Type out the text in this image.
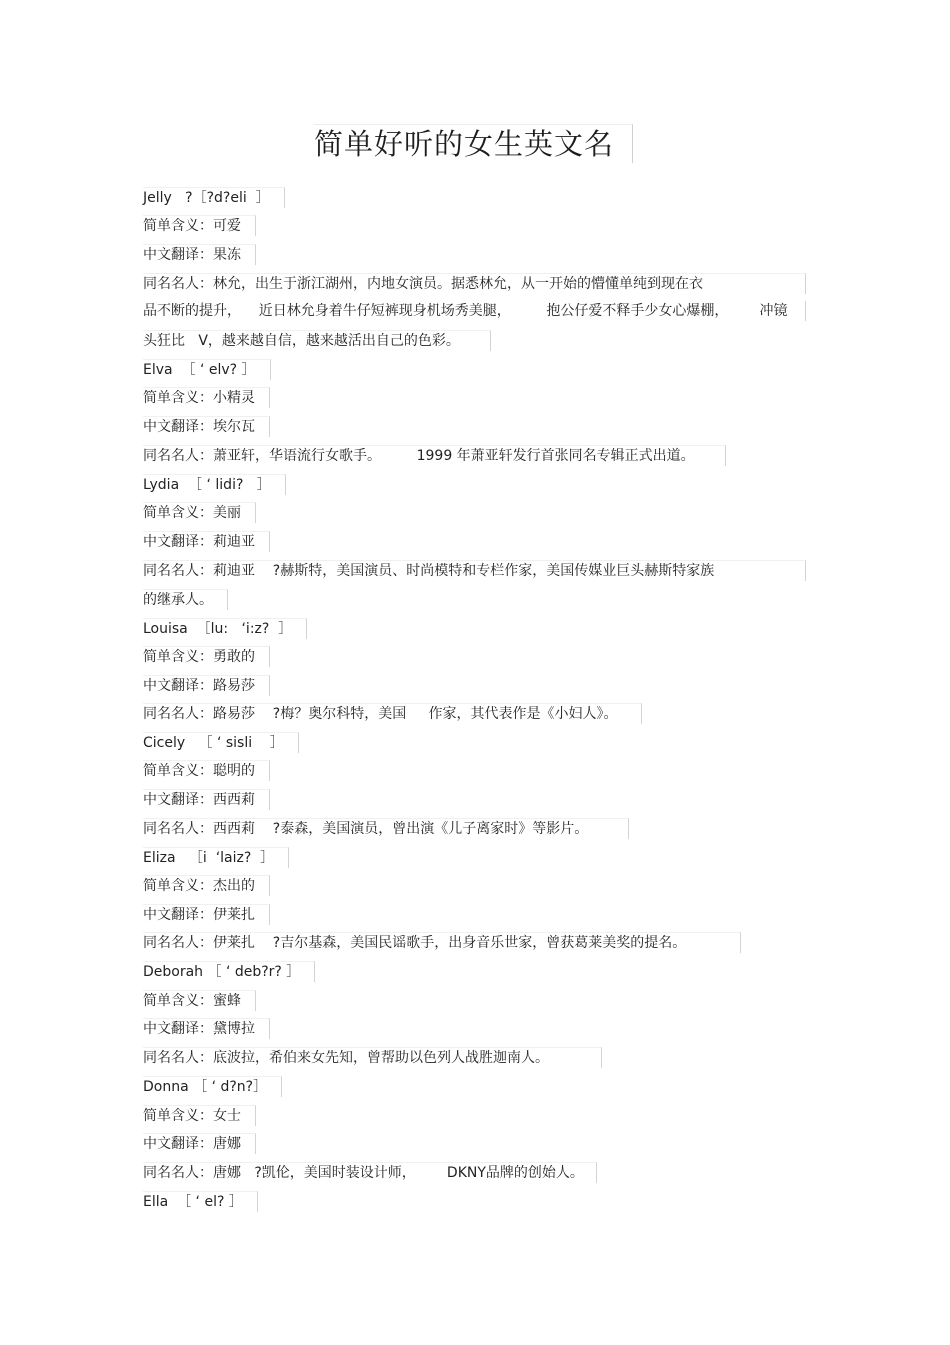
简单好听的女生英文名
Jelly   ?［?d?eli  ］
简单含义：可爱
中文翻译：果冻
同名名人：林允，出生于浙江湖州，内地女演员。据悉林允，从一开始的懵懂单纯到现在衣
品不断的提升，    近日林允身着牛仔短裤现身机场秀美腿，        抱公仔爱不释手少女心爆棚，       冲镜
头狂比   V，越来越自信，越来越活出自己的色彩。
Elva  ［ ‘ elv? ］
简单含义：小精灵
中文翻译：埃尔瓦
同名名人：萧亚轩，华语流行女歌手。        1999 年萧亚轩发行首张同名专辑正式出道。
Lydia  ［ ‘ lidi?   ］
简单含义：美丽
中文翻译：莉迪亚
同名名人：莉迪亚    ?赫斯特，美国演员、时尚模特和专栏作家，美国传媒业巨头赫斯特家族
的继承人。
Louisa  ［lu:   ‘i:z?  ］
简单含义：勇敢的
中文翻译：路易莎
同名名人：路易莎    ?梅？奥尔科特，美国     作家，其代表作是《小妇人》。
Cicely   ［ ‘ sisli    ］
简单含义：聪明的
中文翻译：西西莉
同名名人：西西莉    ?泰森，美国演员，曾出演《儿子离家时》等影片。
Eliza   ［i  ‘laiz?  ］
简单含义：杰出的
中文翻译：伊莱扎
同名名人：伊莱扎    ?吉尔基森，美国民谣歌手，出身音乐世家，曾获葛莱美奖的提名。
Deborah ［ ‘ deb?r? ］
简单含义：蜜蜂
中文翻译：黛博拉
同名名人：底波拉，希伯来女先知，曾帮助以色列人战胜迦南人。
Donna ［ ‘ d?n?］
简单含义：女士
中文翻译：唐娜
同名名人：唐娜   ?凯伦，美国时装设计师，       DKNY品牌的创始人。
Ella  ［ ‘ el? ］
